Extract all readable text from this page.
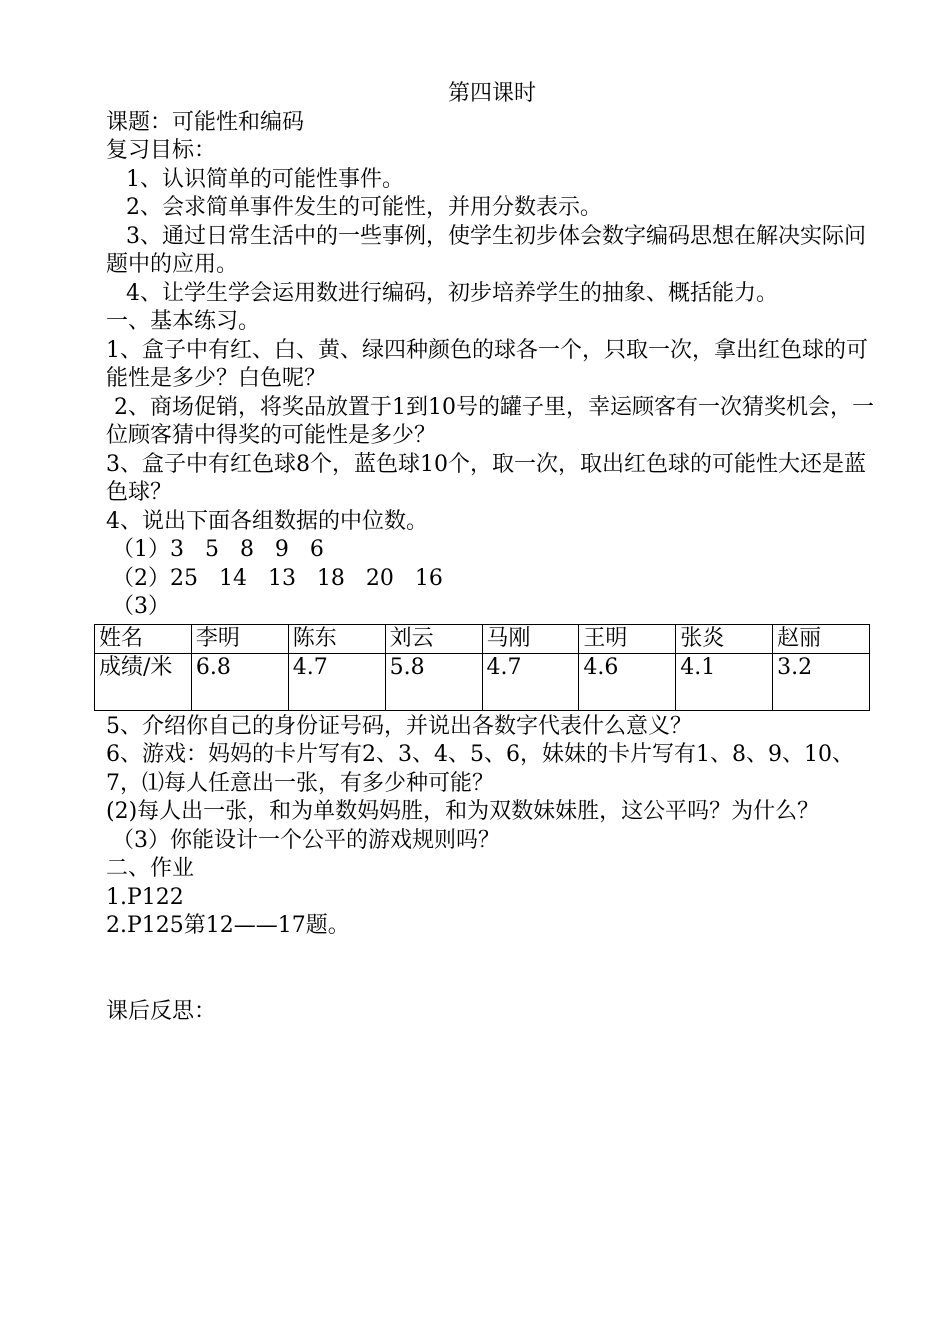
第四课时
课题：可能性和编码
复习目标：
1、认识简单的可能性事件。
2、会求简单事件发生的可能性，并用分数表示。
3、通过日常生活中的一些事例，使学生初步体会数字编码思想在解决实际问题中的应用。
4、让学生学会运用数进行编码，初步培养学生的抽象、概括能力。
一、基本练习。
1、盒子中有红、白、黄、绿四种颜色的球各一个，只取一次，拿出红色球的可能性是多少？白色呢？
2、商场促销，将奖品放置于1到10号的罐子里，幸运顾客有一次猜奖机会，一位顾客猜中得奖的可能性是多少？
3、盒子中有红色球8个，蓝色球10个，取一次，取出红色球的可能性大还是蓝色球？
4、说出下面各组数据的中位数。
（1）3   5   8   9   6
（2）25   14   13   18   20   16
（3）
姓名	李明	陈东	刘云	马刚	王明	张炎	赵丽
成绩/米	6.8	4.7	5.8	4.7	4.6	4.1	3.2
5、介绍你自己的身份证号码，并说出各数字代表什么意义？
6、游戏：妈妈的卡片写有2、3、4、5、6，妹妹的卡片写有1、8、9、10、7，⑴每人任意出一张，有多少种可能？
(2)每人出一张，和为单数妈妈胜，和为双数妹妹胜，这公平吗？为什么？
（3）你能设计一个公平的游戏规则吗？
二、作业
1.P122
2.P125第12——17题。
课后反思：
